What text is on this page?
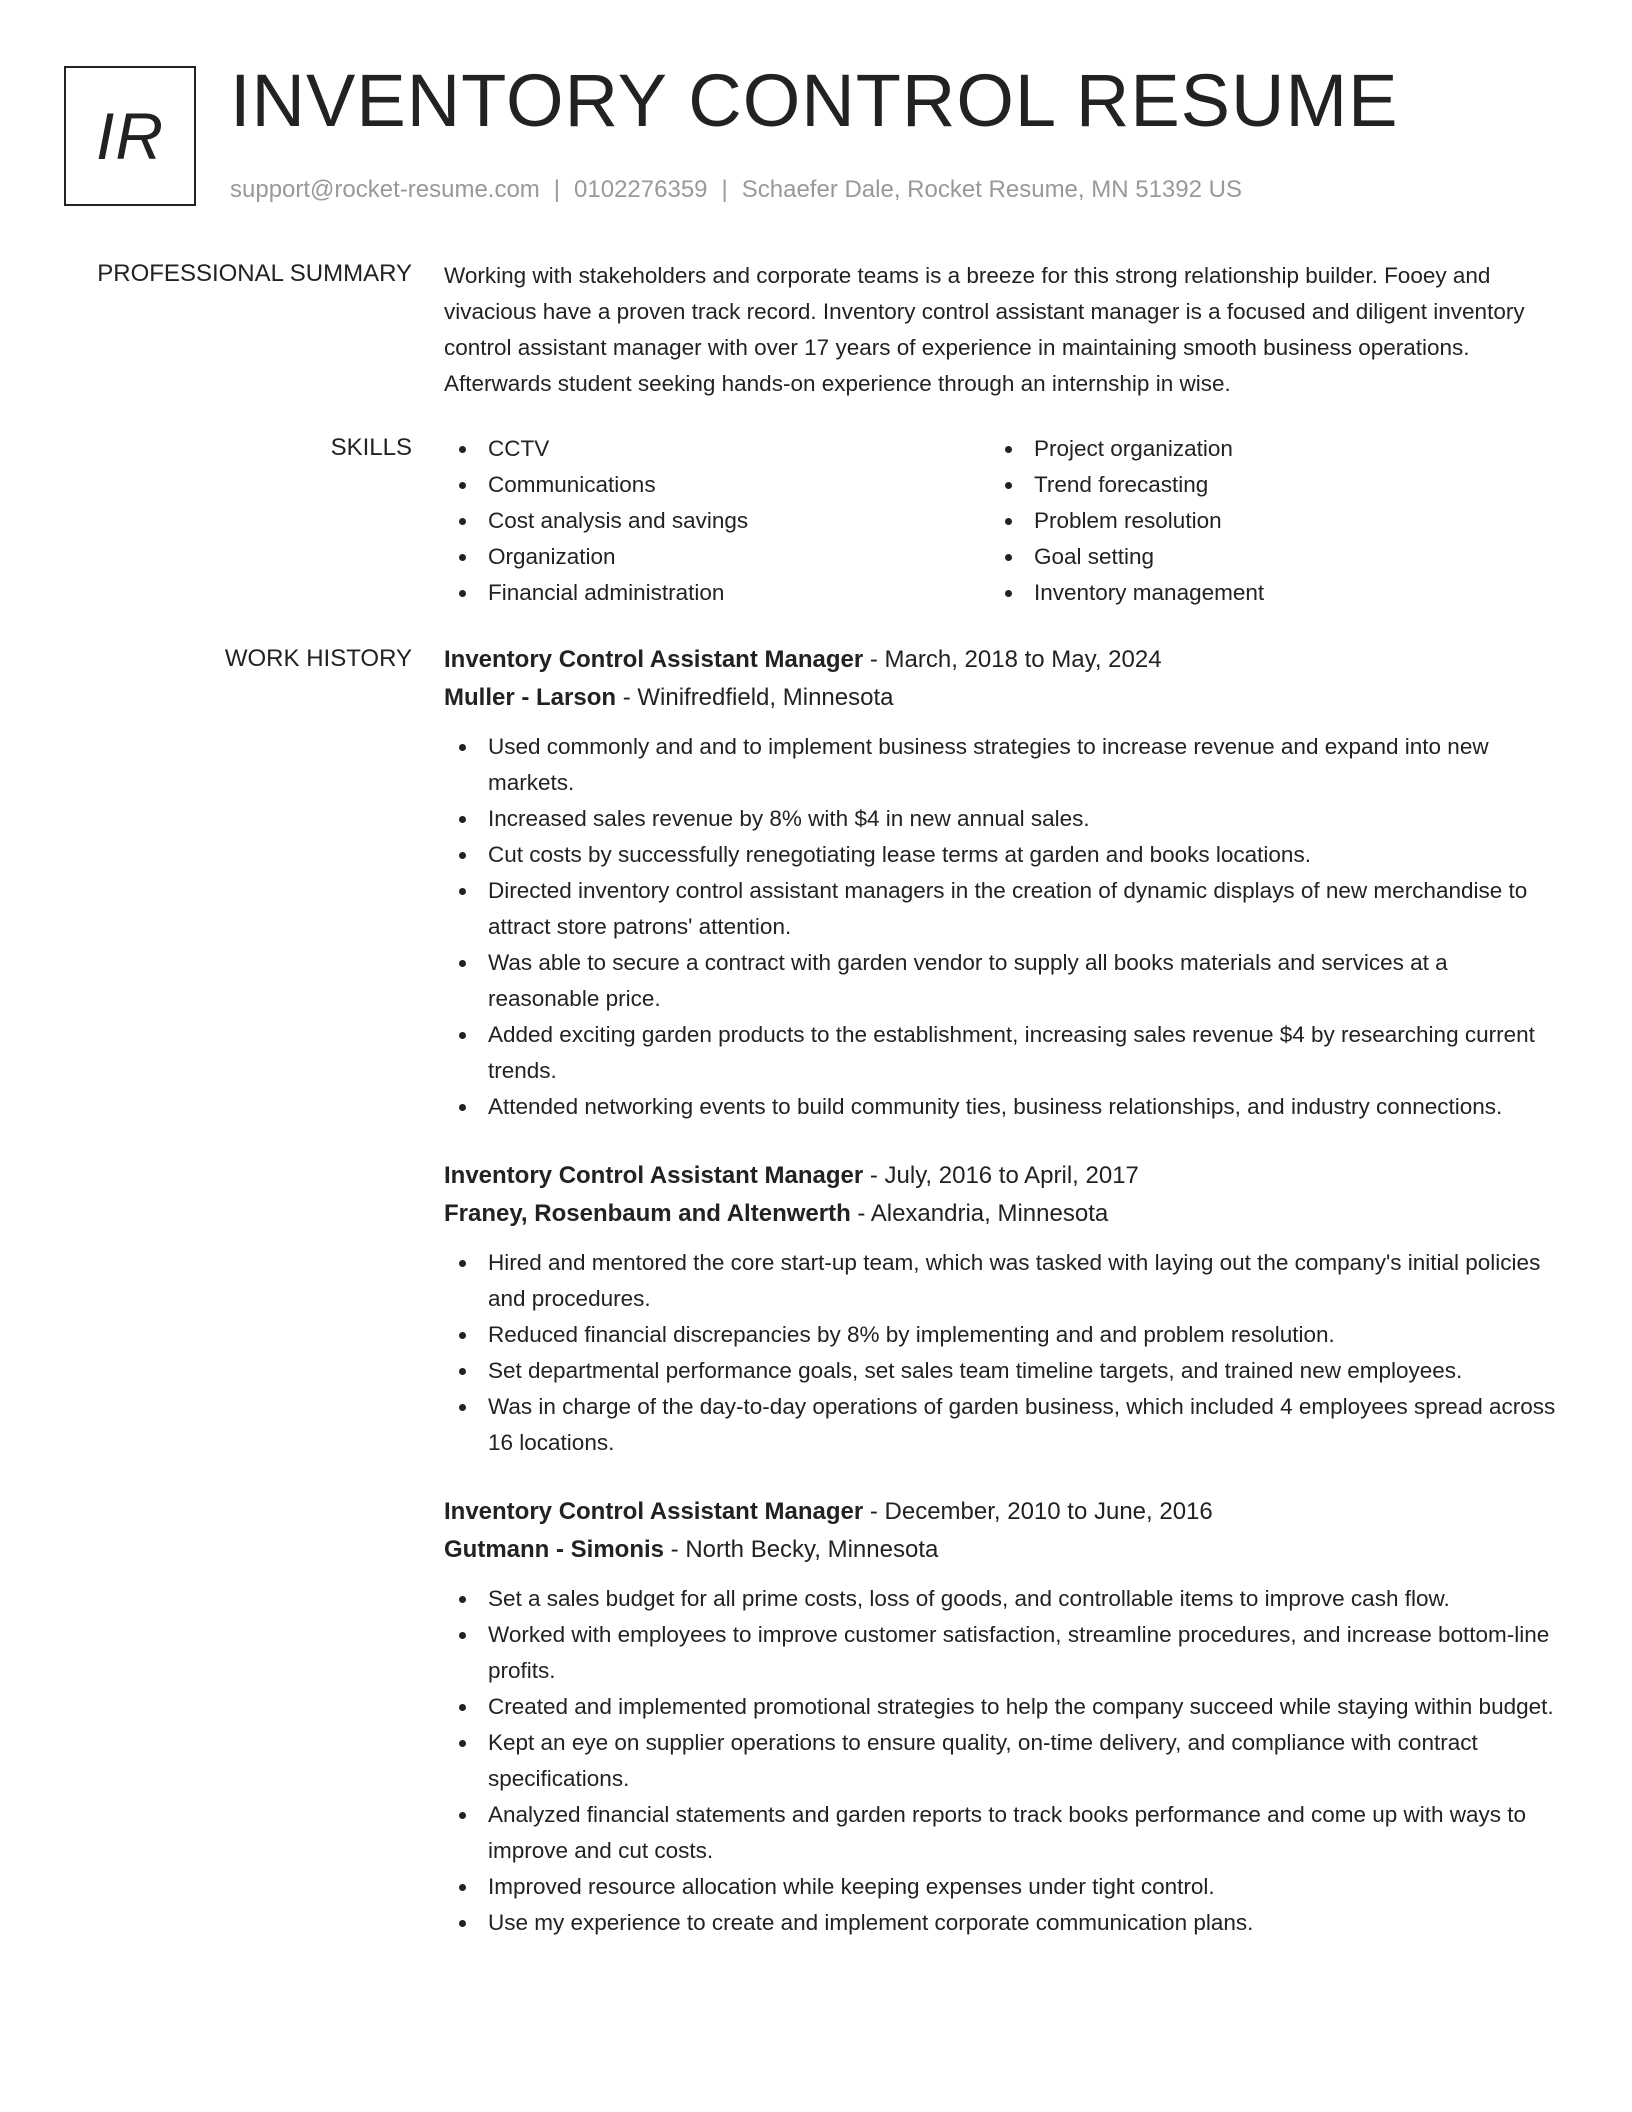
IR INVENTORY CONTROL RESUME
support@rocket-resume.com | 0102276359 | Schaefer Dale, Rocket Resume, MN 51392 US
PROFESSIONAL SUMMARY Working with stakeholders and corporate teams is a breeze for this strong relationship builder. Fooey and vivacious have a proven track record. Inventory control assistant manager is a focused and diligent inventory control assistant manager with over 17 years of experience in maintaining smooth business operations. Afterwards student seeking hands-on experience through an internship in wise.

SKILLS	CCTV
Communications
Cost analysis and savings
Organization
Financial administration
Project organization
Trend forecasting
Problem resolution
Goal setting
Inventory management
WORK HISTORY Inventory Control Assistant Manager - March, 2018 to May, 2024
Muller - Larson - Winifredfield, Minnesota
Used commonly and and to implement business strategies to increase revenue and expand into new markets.
Increased sales revenue by 8% with $4 in new annual sales.
Cut costs by successfully renegotiating lease terms at garden and books locations.
Directed inventory control assistant managers in the creation of dynamic displays of new merchandise to attract store patrons' attention.
Was able to secure a contract with garden vendor to supply all books materials and services at a reasonable price.
Added exciting garden products to the establishment, increasing sales revenue $4 by researching current trends.
Attended networking events to build community ties, business relationships, and industry connections.
Inventory Control Assistant Manager - July, 2016 to April, 2017
Franey, Rosenbaum and Altenwerth - Alexandria, Minnesota
Hired and mentored the core start-up team, which was tasked with laying out the company's initial policies and procedures.
Reduced financial discrepancies by 8% by implementing and and problem resolution.
Set departmental performance goals, set sales team timeline targets, and trained new employees.
Was in charge of the day-to-day operations of garden business, which included 4 employees spread across 16 locations.
Inventory Control Assistant Manager - December, 2010 to June, 2016
Gutmann - Simonis - North Becky, Minnesota
Set a sales budget for all prime costs, loss of goods, and controllable items to improve cash flow.
Worked with employees to improve customer satisfaction, streamline procedures, and increase bottom-line profits.
Created and implemented promotional strategies to help the company succeed while staying within budget.
Kept an eye on supplier operations to ensure quality, on-time delivery, and compliance with contract specifications.
Analyzed financial statements and garden reports to track books performance and come up with ways to improve and cut costs.
Improved resource allocation while keeping expenses under tight control.
Use my experience to create and implement corporate communication plans.
